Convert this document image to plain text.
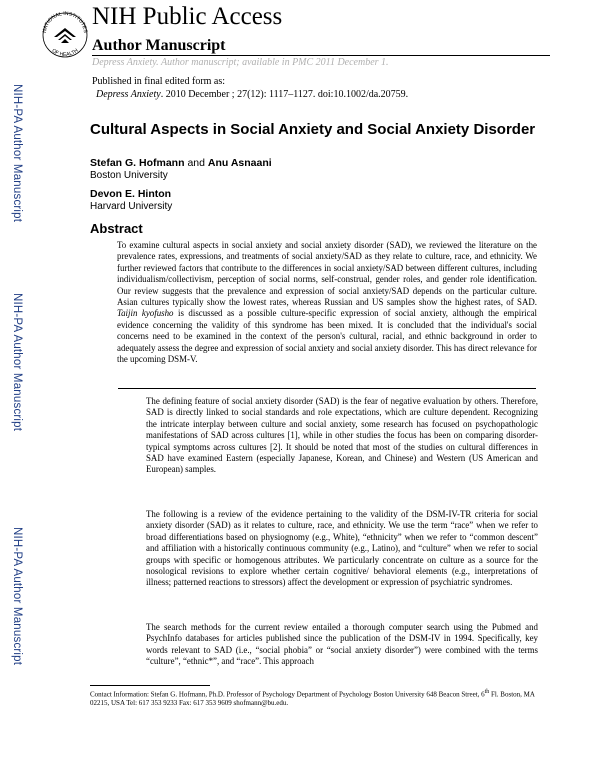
NATIONAL INSTITUTES
OF HEALTH
NIH Public Access
Author Manuscript
Depress Anxiety. Author manuscript; available in PMC 2011 December 1.
Published in final edited form as:
Depress Anxiety. 2010 December ; 27(12): 1117–1127. doi:10.1002/da.20759.
NIH-PA Author Manuscript
NIH-PA Author Manuscript
NIH-PA Author Manuscript
Cultural Aspects in Social Anxiety and Social Anxiety Disorder
Stefan G. Hofmann and Anu Asnaani
Boston University
Devon E. Hinton
Harvard University
Abstract
To examine cultural aspects in social anxiety and social anxiety disorder (SAD), we reviewed the literature on the prevalence rates, expressions, and treatments of social anxiety/SAD as they relate to culture, race, and ethnicity. We further reviewed factors that contribute to the differences in social anxiety/SAD between different cultures, including individualism/collectivism, perception of social norms, self-construal, gender roles, and gender role identification. Our review suggests that the prevalence and expression of social anxiety/SAD depends on the particular culture. Asian cultures typically show the lowest rates, whereas Russian and US samples show the highest rates, of SAD. Taijin kyofusho is discussed as a possible culture-specific expression of social anxiety, although the empirical evidence concerning the validity of this syndrome has been mixed. It is concluded that the individual's social concerns need to be examined in the context of the person's cultural, racial, and ethnic background in order to adequately assess the degree and expression of social anxiety and social anxiety disorder. This has direct relevance for the upcoming DSM-V.
The defining feature of social anxiety disorder (SAD) is the fear of negative evaluation by others. Therefore, SAD is directly linked to social standards and role expectations, which are culture dependent. Recognizing the intricate interplay between culture and social anxiety, some research has focused on psychopathologic manifestations of SAD across cultures [1], while in other studies the focus has been on comparing disorder-typical symptoms across cultures [2]. It should be noted that most of the studies on cultural differences in SAD have examined Eastern (especially Japanese, Korean, and Chinese) and Western (US American and European) samples.
The following is a review of the evidence pertaining to the validity of the DSM-IV-TR criteria for social anxiety disorder (SAD) as it relates to culture, race, and ethnicity. We use the term “race” when we refer to broad differentiations based on physiognomy (e.g., White), “ethnicity” when we refer to “common descent” and affiliation with a historically continuous community (e.g., Latino), and “culture” when we refer to social groups with specific or homogenous attributes. We particularly concentrate on culture as a source for the nosological revisions to explore whether certain cognitive/ behavioral elements (e.g., interpretations of illness; patterned reactions to stressors) affect the development or expression of psychiatric syndromes.
The search methods for the current review entailed a thorough computer search using the Pubmed and PsychInfo databases for articles published since the publication of the DSM-IV in 1994. Specifically, key words relevant to SAD (i.e., “social phobia” or “social anxiety disorder”) were combined with the terms “culture”, “ethnic*”, and “race”. This approach
Contact Information: Stefan G. Hofmann, Ph.D. Professor of Psychology Department of Psychology Boston University 648 Beacon Street, 6th Fl. Boston, MA 02215, USA Tel: 617 353 9233 Fax: 617 353 9609 shofmann@bu.edu.
